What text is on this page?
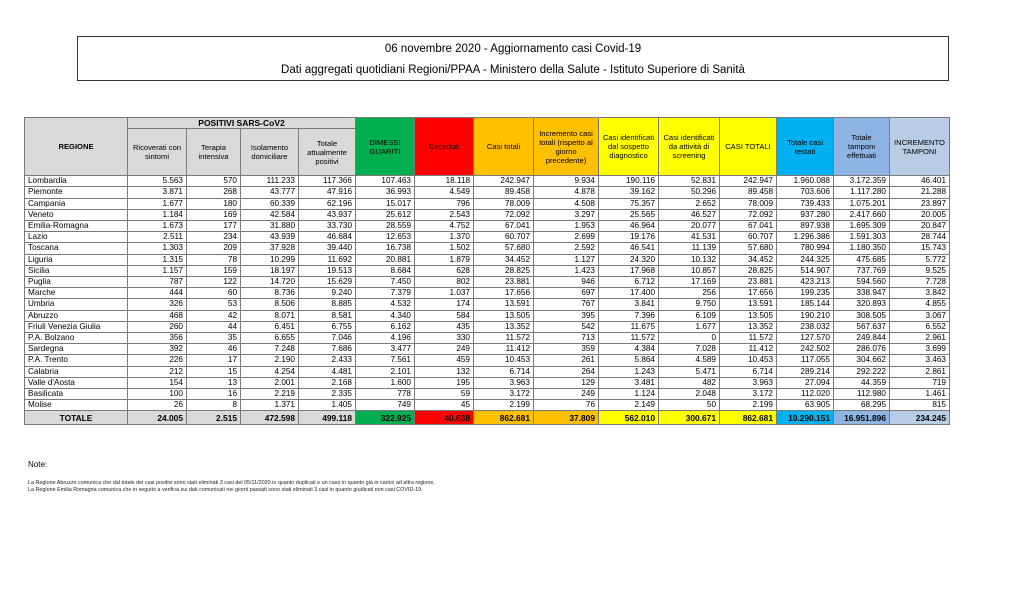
06 novembre 2020 - Aggiornamento casi Covid-19
Dati aggregati quotidiani Regioni/PPAA - Ministero della Salute - Istituto Superiore di Sanità
REGIONE	POSITIVI SARS-CoV2				DIMESSI GUARITI	Deceduti	Casi totali	Incremento casi totali (rispetto al giorno precedente)	Casi identificati dal sospetto diagnostico	Casi identificati da attività di screening	CASI TOTALI	Totale casi testati	Totale tamponi effettuati	INCREMENTO TAMPONI
	Ricoverati con sintomi	Terapia intensiva	Isolamento domiciliare	Totale attualmente positivi										
Lombardia	5.563	570	111.233	117.366	107.463	18.118	242.947	9.934	190.116	52.831	242.947	1.960.088	3.172.359	46.401
Piemonte	3.871	268	43.777	47.916	36.993	4.549	89.458	4.878	39.162	50.296	89.458	703.606	1.117.280	21.288
Campania	1.677	180	60.339	62.196	15.017	796	78.009	4.508	75.357	2.652	78.009	739.433	1.075.201	23.897
Veneto	1.184	169	42.584	43.937	25.612	2.543	72.092	3.297	25.565	46.527	72.092	937.280	2.417.660	20.005
Emilia-Romagna	1.673	177	31.880	33.730	28.559	4.752	67.041	1.953	46.964	20.077	67.041	897.938	1.695.309	20.847
Lazio	2.511	234	43.939	46.684	12.653	1.370	60.707	2.699	19.176	41.531	60.707	1.296.386	1.591.303	28.744
Toscana	1.303	209	37.928	39.440	16.738	1.502	57.680	2.592	46.541	11.139	57.680	780.994	1.180.350	15.743
Liguria	1.315	78	10.299	11.692	20.881	1.879	34.452	1.127	24.320	10.132	34.452	244.325	475.685	5.772
Sicilia	1.157	159	18.197	19.513	8.684	628	28.825	1.423	17.968	10.857	28.825	514.907	737.769	9.525
Puglia	787	122	14.720	15.629	7.450	802	23.881	946	6.712	17.169	23.881	423.213	594.560	7.728
Marche	444	60	8.736	9.240	7.379	1.037	17.656	697	17.400	256	17.656	199.235	338.947	3.842
Umbria	326	53	8.506	8.885	4.532	174	13.591	767	3.841	9.750	13.591	185.144	320.893	4.855
Abruzzo	468	42	8.071	8.581	4.340	584	13.505	395	7.396	6.109	13.505	190.210	308.505	3.067
Friuli Venezia Giulia	260	44	6.451	6.755	6.162	435	13.352	542	11.675	1.677	13.352	238.032	567.637	6.552
P.A. Bolzano	356	35	6.655	7.046	4.196	330	11.572	713	11.572	0	11.572	127.570	249.844	2.961
Sardegna	392	46	7.248	7.686	3.477	249	11.412	359	4.384	7.028	11.412	242.502	286.076	3.699
P.A. Trento	226	17	2.190	2.433	7.561	459	10.453	261	5.864	4.589	10.453	117.055	304.662	3.463
Calabria	212	15	4.254	4.481	2.101	132	6.714	264	1.243	5.471	6.714	289.214	292.222	2.861
Valle d'Aosta	154	13	2.001	2.168	1.600	195	3.963	129	3.481	482	3.963	27.094	44.359	719
Basilicata	100	16	2.219	2.335	778	59	3.172	249	1.124	2.048	3.172	112.020	112.980	1.461
Molise	26	8	1.371	1.405	749	45	2.199	76	2.149	50	2.199	63.905	68.295	815
TOTALE	24.005	2.515	472.598	499.118	322.925	40.638	862.681	37.809	562.010	300.671	862.681	10.290.151	16.951.896	234.245
Note:
La Regione Abruzzo comunica che dal totale dei casi positivi sono stati eliminati 3 casi del 05/11/2020 in quanto duplicati e un caso in quanto già in carico ad altra regione.
La Regione Emilia Romagna comunica che in seguito a verifica sui dati comunicati nei giorni passati sono stati eliminati 3 casi in quanto giudicati non casi COVID-19.
